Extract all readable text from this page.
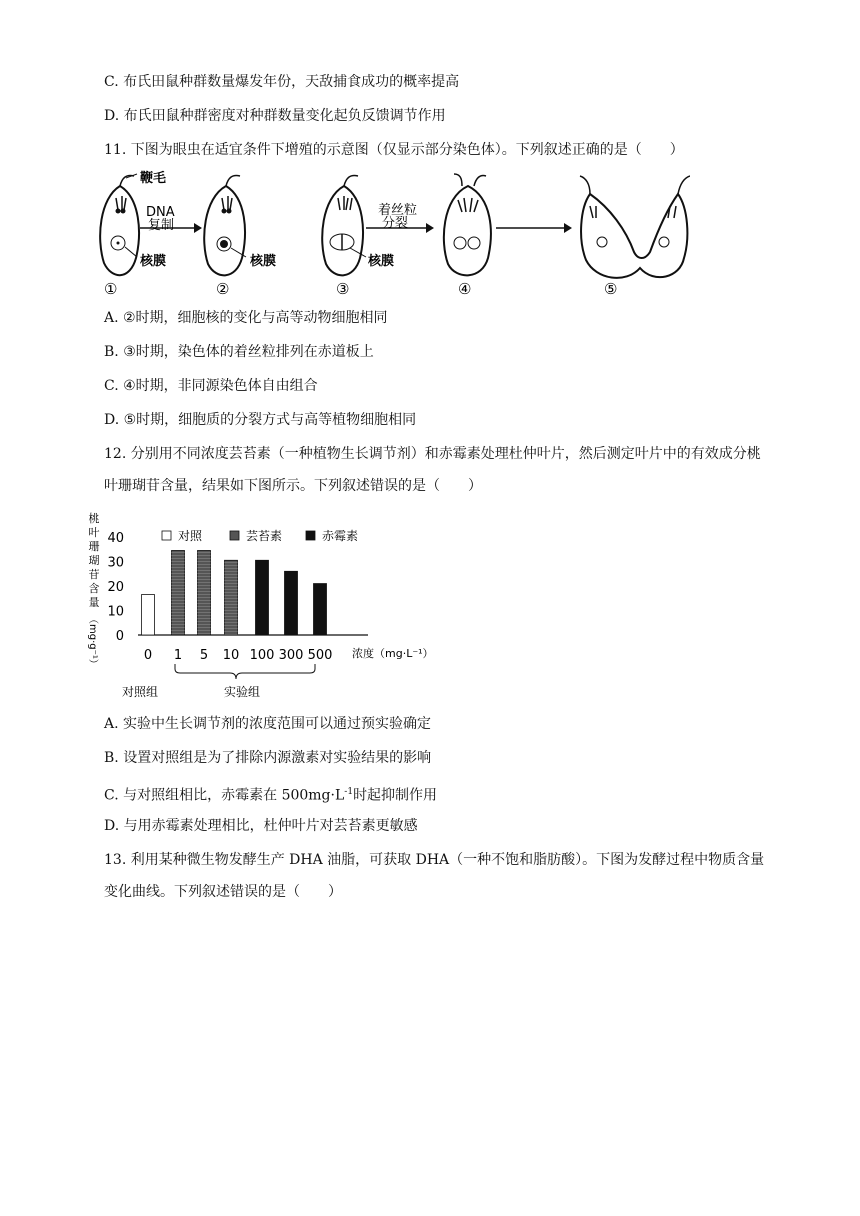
C. 布氏田鼠种群数量爆发年份，天敌捕食成功的概率提高
D. 布氏田鼠种群密度对种群数量变化起负反馈调节作用
11. 下图为眼虫在适宜条件下增殖的示意图（仅显示部分染色体）。下列叙述正确的是（　　）
鞭毛
核膜
DNA
复制
核膜	核膜
着丝粒
分裂
①	②	③	④	⑤
A. ②时期，细胞核的变化与高等动物细胞相同
B. ③时期，染色体的着丝粒排列在赤道板上
C. ④时期，非同源染色体自由组合
D. ⑤时期，细胞质的分裂方式与高等植物细胞相同
12. 分别用不同浓度芸苔素（一种植物生长调节剂）和赤霉素处理杜仲叶片，然后测定叶片中的有效成分桃
叶珊瑚苷含量，结果如下图所示。下列叙述错误的是（　　）
桃叶珊瑚苷含量
（mg·g⁻¹） 0
10
20
30
40
0 1 5 10 100 300 500
对照	芸苔素	赤霉素
浓度（mg·L⁻¹）
对照组	实验组
A. 实验中生长调节剂的浓度范围可以通过预实验确定
B. 设置对照组是为了排除内源激素对实验结果的影响
C. 与对照组相比，赤霉素在 $500mg\cdot L^{-1}$时起抑制作用
D. 与用赤霉素处理相比，杜仲叶片对芸苔素更敏感
13. 利用某种微生物发酵生产 DHA 油脂，可获取 DHA（一种不饱和脂肪酸）。下图为发酵过程中物质含量
变化曲线。下列叙述错误的是（　　）
